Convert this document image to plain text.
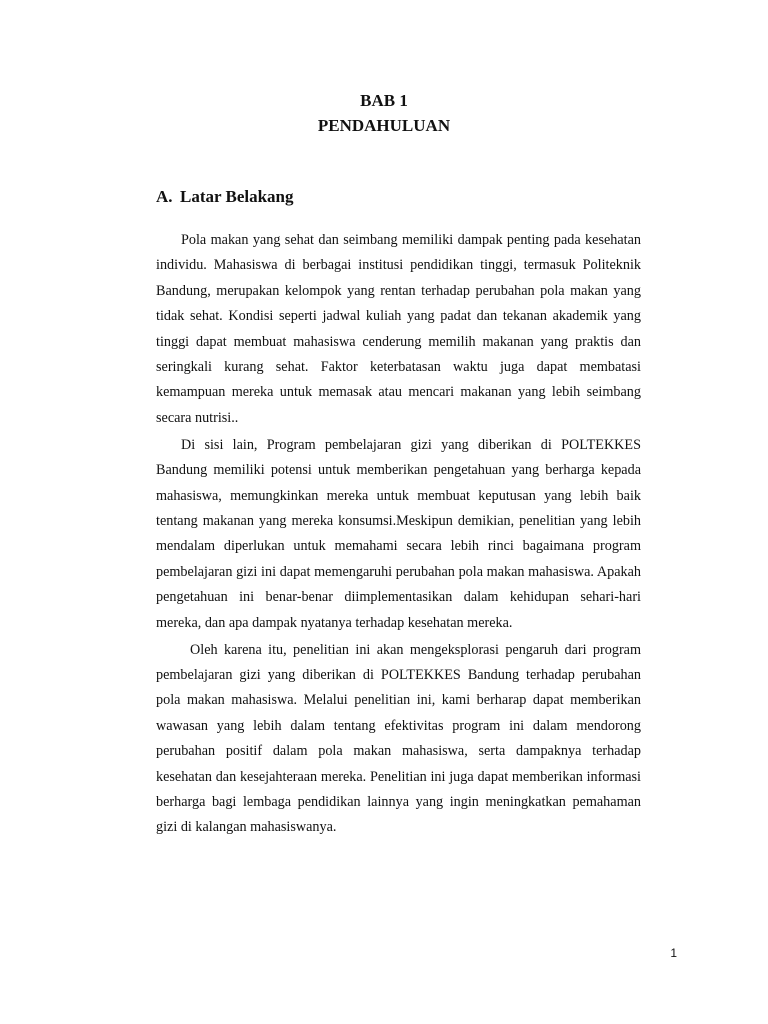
BAB 1
PENDAHULUAN
A. Latar Belakang

Pola makan yang sehat dan seimbang memiliki dampak penting pada kesehatan individu. Mahasiswa di berbagai institusi pendidikan tinggi, termasuk Politeknik Bandung, merupakan kelompok yang rentan terhadap perubahan pola makan yang tidak sehat. Kondisi seperti jadwal kuliah yang padat dan tekanan akademik yang tinggi dapat membuat mahasiswa cenderung memilih makanan yang praktis dan seringkali kurang sehat. Faktor keterbatasan waktu juga dapat membatasi kemampuan mereka untuk memasak atau mencari makanan yang lebih seimbang secara nutrisi..

Di sisi lain, Program pembelajaran gizi yang diberikan di POLTEKKES Bandung memiliki potensi untuk memberikan pengetahuan yang berharga kepada mahasiswa, memungkinkan mereka untuk membuat keputusan yang lebih baik tentang makanan yang mereka konsumsi.Meskipun demikian, penelitian yang lebih mendalam diperlukan untuk memahami secara lebih rinci bagaimana program pembelajaran gizi ini dapat memengaruhi perubahan pola makan mahasiswa. Apakah pengetahuan ini benar-benar diimplementasikan dalam kehidupan sehari-hari mereka, dan apa dampak nyatanya terhadap kesehatan mereka.

Oleh karena itu, penelitian ini akan mengeksplorasi pengaruh dari program pembelajaran gizi yang diberikan di POLTEKKES Bandung terhadap perubahan pola makan mahasiswa. Melalui penelitian ini, kami berharap dapat memberikan wawasan yang lebih dalam tentang efektivitas program ini dalam mendorong perubahan positif dalam pola makan mahasiswa, serta dampaknya terhadap kesehatan dan kesejahteraan mereka. Penelitian ini juga dapat memberikan informasi berharga bagi lembaga pendidikan lainnya yang ingin meningkatkan pemahaman gizi di kalangan mahasiswanya.

1
